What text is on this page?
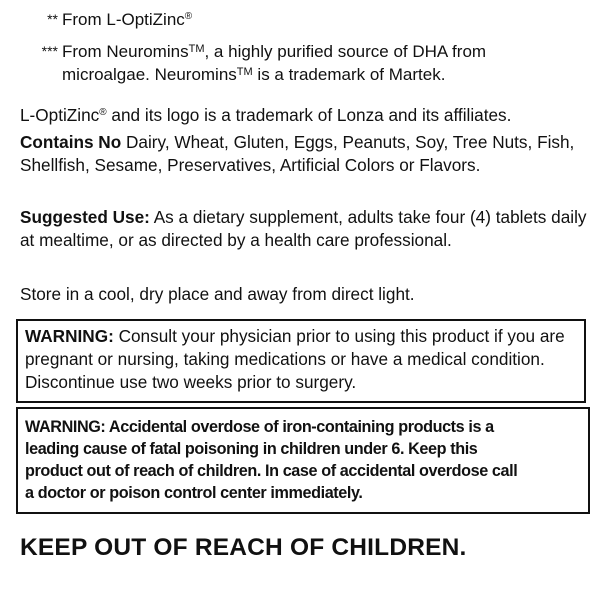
** From L-OptiZinc®
*** From Neuromins™, a highly purified source of DHA from
microalgae. Neuromins™ is a trademark of Martek.
L-OptiZinc® and its logo is a trademark of Lonza and its affiliates.
Contains No Dairy, Wheat, Gluten, Eggs, Peanuts, Soy, Tree Nuts, Fish, Shellfish, Sesame, Preservatives, Artificial Colors or Flavors.
Suggested Use: As a dietary supplement, adults take four (4) tablets daily at mealtime, or as directed by a health care professional.
Store in a cool, dry place and away from direct light.
WARNING: Consult your physician prior to using this product if you are pregnant or nursing, taking medications or have a medical condition. Discontinue use two weeks prior to surgery.
WARNING: Accidental overdose of iron-containing products is a
leading cause of fatal poisoning in children under 6. Keep this
product out of reach of children. In case of accidental overdose call
a doctor or poison control center immediately.
KEEP OUT OF REACH OF CHILDREN.
